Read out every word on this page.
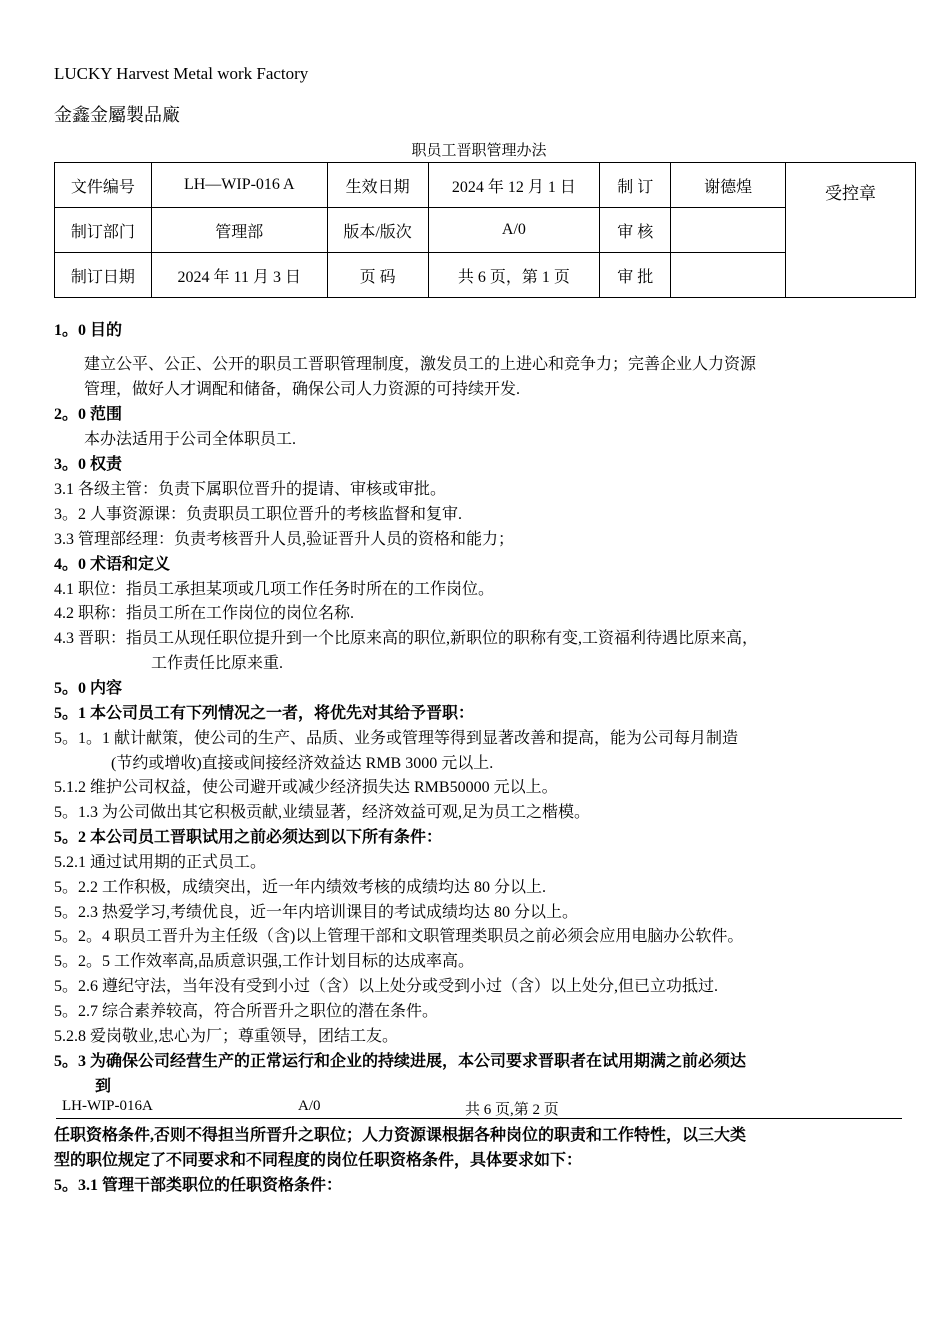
LUCKY Harvest Metal work Factory
金鑫金屬製品廠
职员工晋职管理办法
文件编号	LH—WIP-016 A	生效日期	2024 年 12 月 1 日	制 订	谢德煌	受控章
制订部门	管理部	版本/版次	A/0	审 核		
制订日期	2024 年 11 月 3 日	页 码	共 6 页，第 1 页	审 批		
1。0 目的
建立公平、公正、公开的职员工晋职管理制度，激发员工的上进心和竞争力；完善企业人力资源
管理，做好人才调配和储备，确保公司人力资源的可持续开发.
2。0 范围
本办法适用于公司全体职员工.
3。0 权责
3.1 各级主管：负责下属职位晋升的提请、审核或审批。
3。2 人事资源课：负责职员工职位晋升的考核监督和复审.
3.3 管理部经理：负责考核晋升人员,验证晋升人员的资格和能力；
4。0 术语和定义
4.1 职位：指员工承担某项或几项工作任务时所在的工作岗位。
4.2 职称：指员工所在工作岗位的岗位名称.
4.3 晋职：指员工从现任职位提升到一个比原来高的职位,新职位的职称有变,工资福利待遇比原来高，
工作责任比原来重.
5。0 内容
5。1 本公司员工有下列情况之一者，将优先对其给予晋职：
5。1。1 献计献策，使公司的生产、品质、业务或管理等得到显著改善和提高，能为公司每月制造
(节约或增收)直接或间接经济效益达 RMB 3000 元以上.
5.1.2 维护公司权益，使公司避开或减少经济损失达 RMB50000 元以上。
5。1.3 为公司做出其它积极贡献,业绩显著，经济效益可观,足为员工之楷模。
5。2 本公司员工晋职试用之前必须达到以下所有条件：
5.2.1 通过试用期的正式员工。
5。2.2 工作积极，成绩突出，近一年内绩效考核的成绩均达 80 分以上.
5。2.3 热爱学习,考绩优良，近一年内培训课目的考试成绩均达 80 分以上。
5。2。4 职员工晋升为主任级（含)以上管理干部和文职管理类职员之前必须会应用电脑办公软件。
5。2。5 工作效率高,品质意识强,工作计划目标的达成率高。
5。2.6 遵纪守法，当年没有受到小过（含）以上处分或受到小过（含）以上处分,但已立功抵过.
5。2.7 综合素养较高，符合所晋升之职位的潜在条件。
5.2.8 爱岗敬业,忠心为厂；尊重领导，团结工友。
5。3 为确保公司经营生产的正常运行和企业的持续进展，本公司要求晋职者在试用期满之前必须达
到
LH-WIP-016A	A/0	共 6 页,第 2 页
任职资格条件,否则不得担当所晋升之职位；人力资源课根据各种岗位的职责和工作特性，以三大类
型的职位规定了不同要求和不同程度的岗位任职资格条件，具体要求如下：
5。3.1 管理干部类职位的任职资格条件：
